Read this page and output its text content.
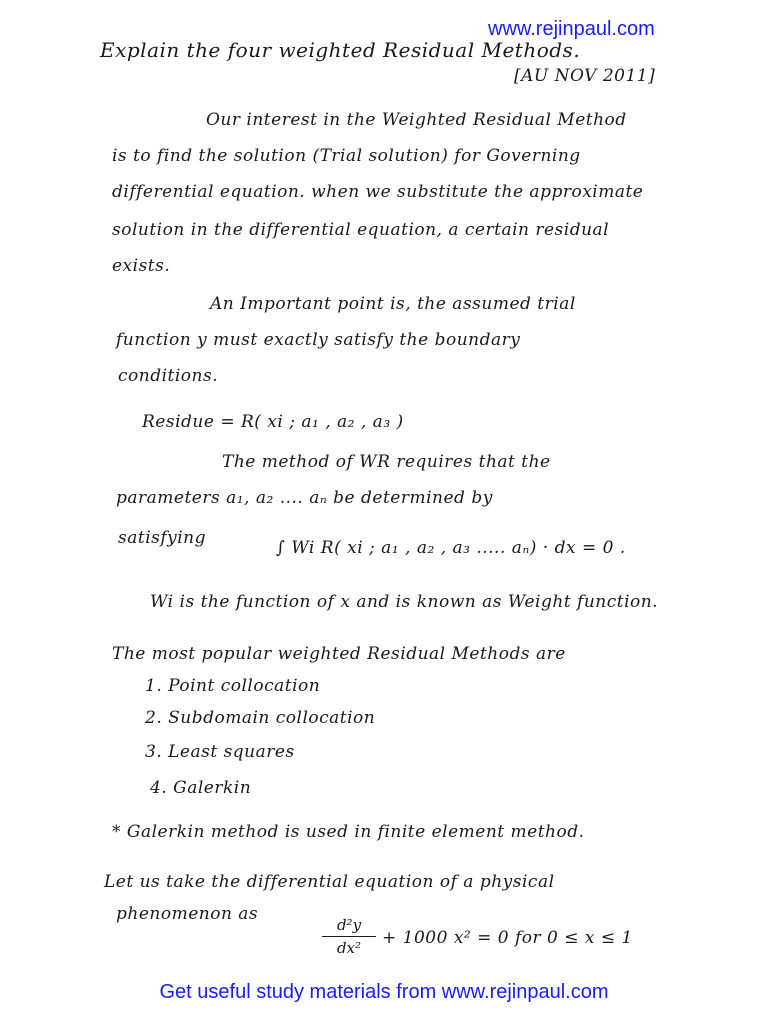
www.rejinpaul.com
Explain the four weighted Residual Methods.
[AU NOV 2011]
Our interest in the Weighted Residual Method
is to find the solution (Trial solution) for Governing
differential equation. when we substitute the approximate
solution in the differential equation, a certain residual
exists.
An Important point is, the assumed trial
function y must exactly satisfy the boundary
conditions.
Residue = R( xi ; a₁ , a₂ , a₃ )
The method of WR requires that the
parameters a₁, a₂ .... aₙ be determined by
satisfying	∫ Wi R( xi ; a₁ , a₂ , a₃ ..... aₙ) · dx = 0 .
Wi is the function of x and is known as Weight function.
The most popular weighted Residual Methods are
1. Point collocation
2. Subdomain collocation
3. Least squares
4. Galerkin
* Galerkin method is used in finite element method.
Let us take the differential equation of a physical
phenomenon as
$\frac{\text{d²y}}{\text{dx²}} + 1000$ x² = 0 for 0 ≤ x ≤ 1
Get useful study materials from www.rejinpaul.com
